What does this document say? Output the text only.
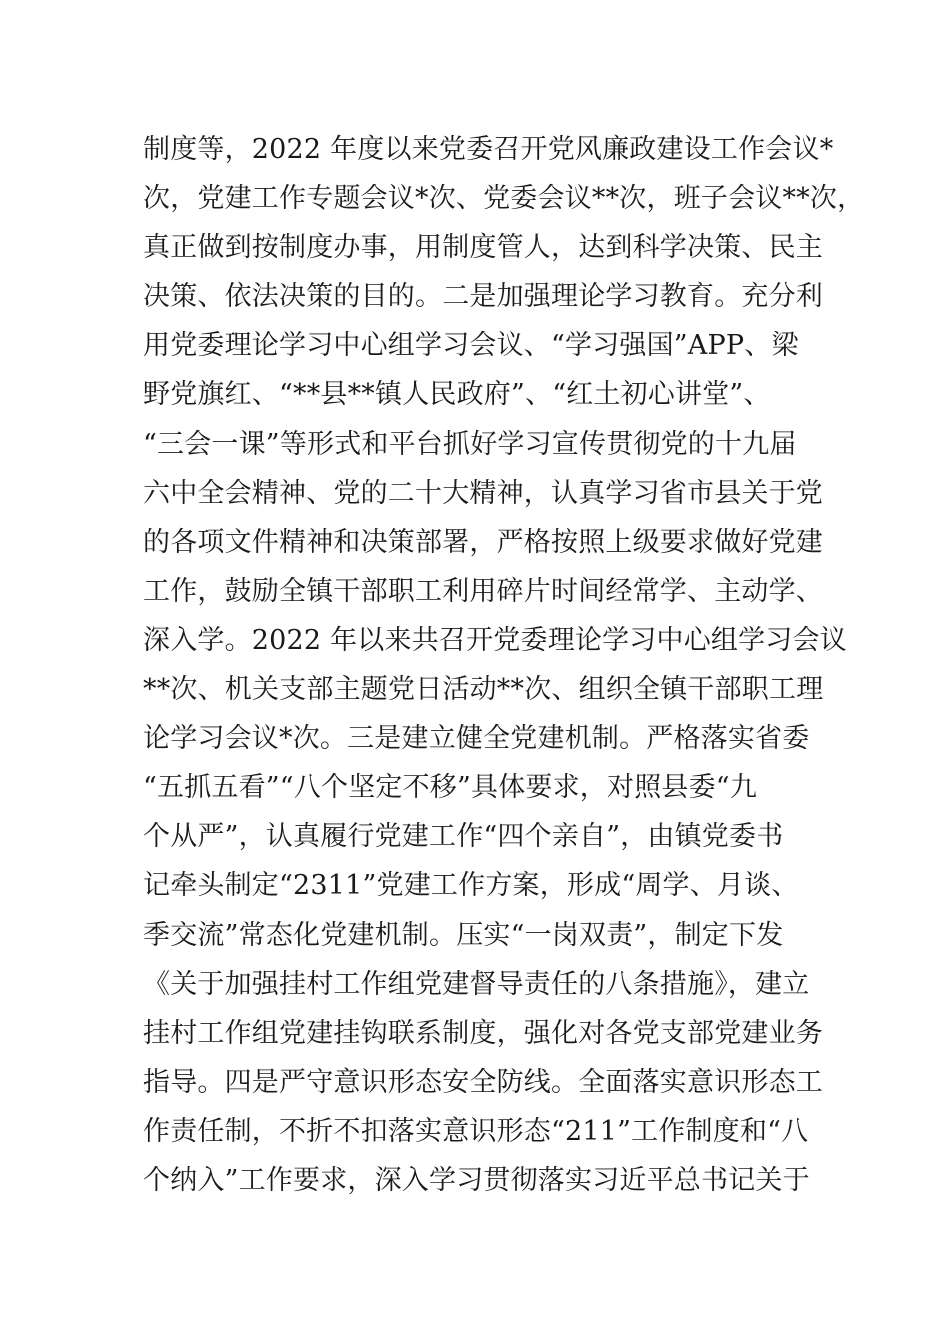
制度等，2022 年度以来党委召开党风廉政建设工作会议*
次，党建工作专题会议*次、党委会议**次，班子会议**次，
真正做到按制度办事，用制度管人，达到科学决策、民主
决策、依法决策的目的。二是加强理论学习教育。充分利
用党委理论学习中心组学习会议、“学习强国”APP、梁
野党旗红、“**县**镇人民政府”、“红土初心讲堂”、
“三会一课”等形式和平台抓好学习宣传贯彻党的十九届
六中全会精神、党的二十大精神，认真学习省市县关于党
的各项文件精神和决策部署，严格按照上级要求做好党建
工作，鼓励全镇干部职工利用碎片时间经常学、主动学、
深入学。2022 年以来共召开党委理论学习中心组学习会议
**次、机关支部主题党日活动**次、组织全镇干部职工理
论学习会议*次。三是建立健全党建机制。严格落实省委
“五抓五看”“八个坚定不移”具体要求，对照县委“九
个从严”，认真履行党建工作“四个亲自”，由镇党委书
记牵头制定“2311”党建工作方案，形成“周学、月谈、
季交流”常态化党建机制。压实“一岗双责”，制定下发
《关于加强挂村工作组党建督导责任的八条措施》，建立
挂村工作组党建挂钩联系制度，强化对各党支部党建业务
指导。四是严守意识形态安全防线。全面落实意识形态工
作责任制，不折不扣落实意识形态“211”工作制度和“八
个纳入”工作要求，深入学习贯彻落实习近平总书记关于
